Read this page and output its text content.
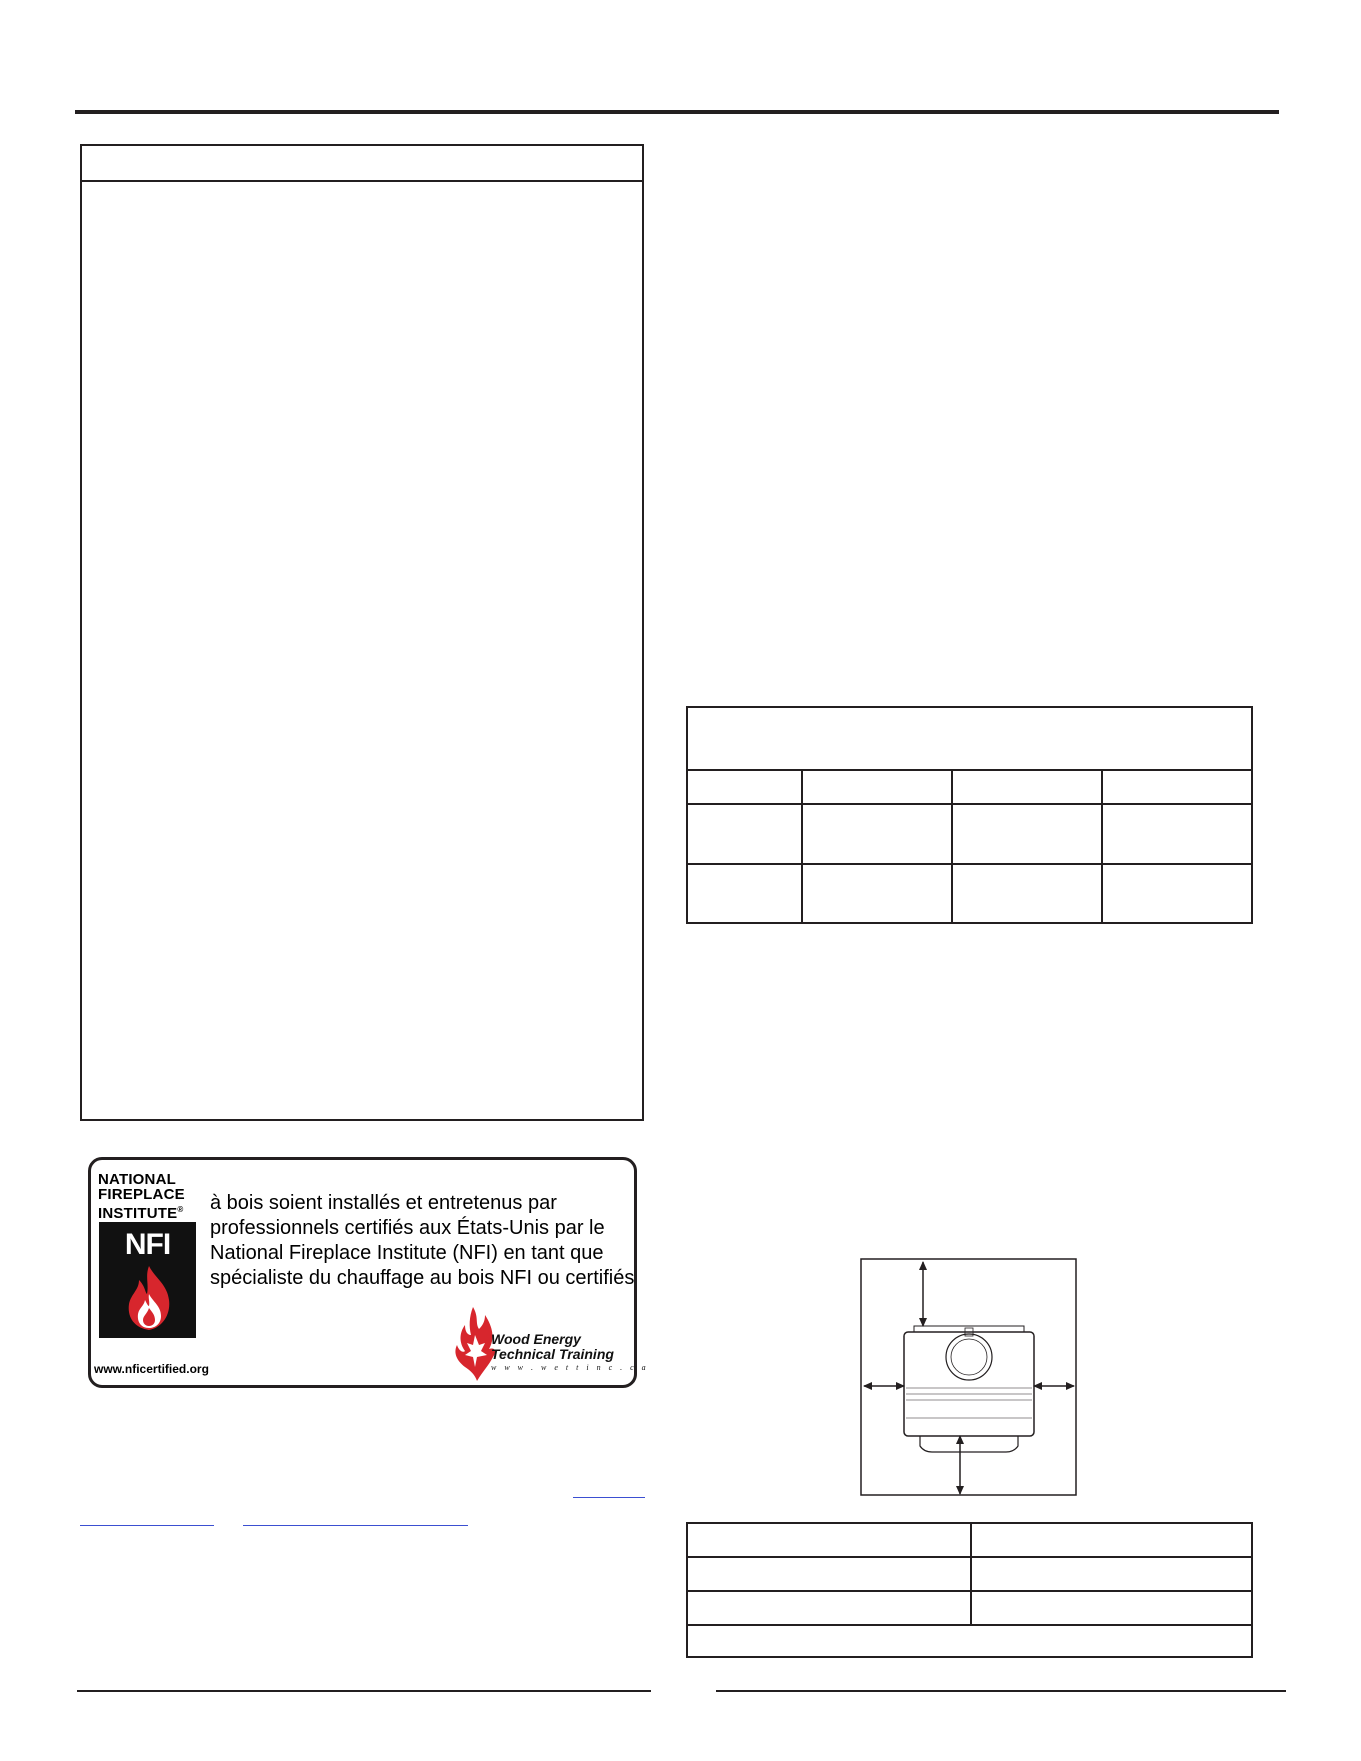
NATIONAL
FIREPLACE
INSTITUTE®
NFI
www.nficertified.org
à bois soient installés et entretenus par
professionnels certifiés aux États-Unis par le
National Fireplace Institute (NFI) en tant que
spécialiste du chauffage au bois NFI ou certifiés
Wood Energy
Technical Training
w w w . w e t t i n c . c a
